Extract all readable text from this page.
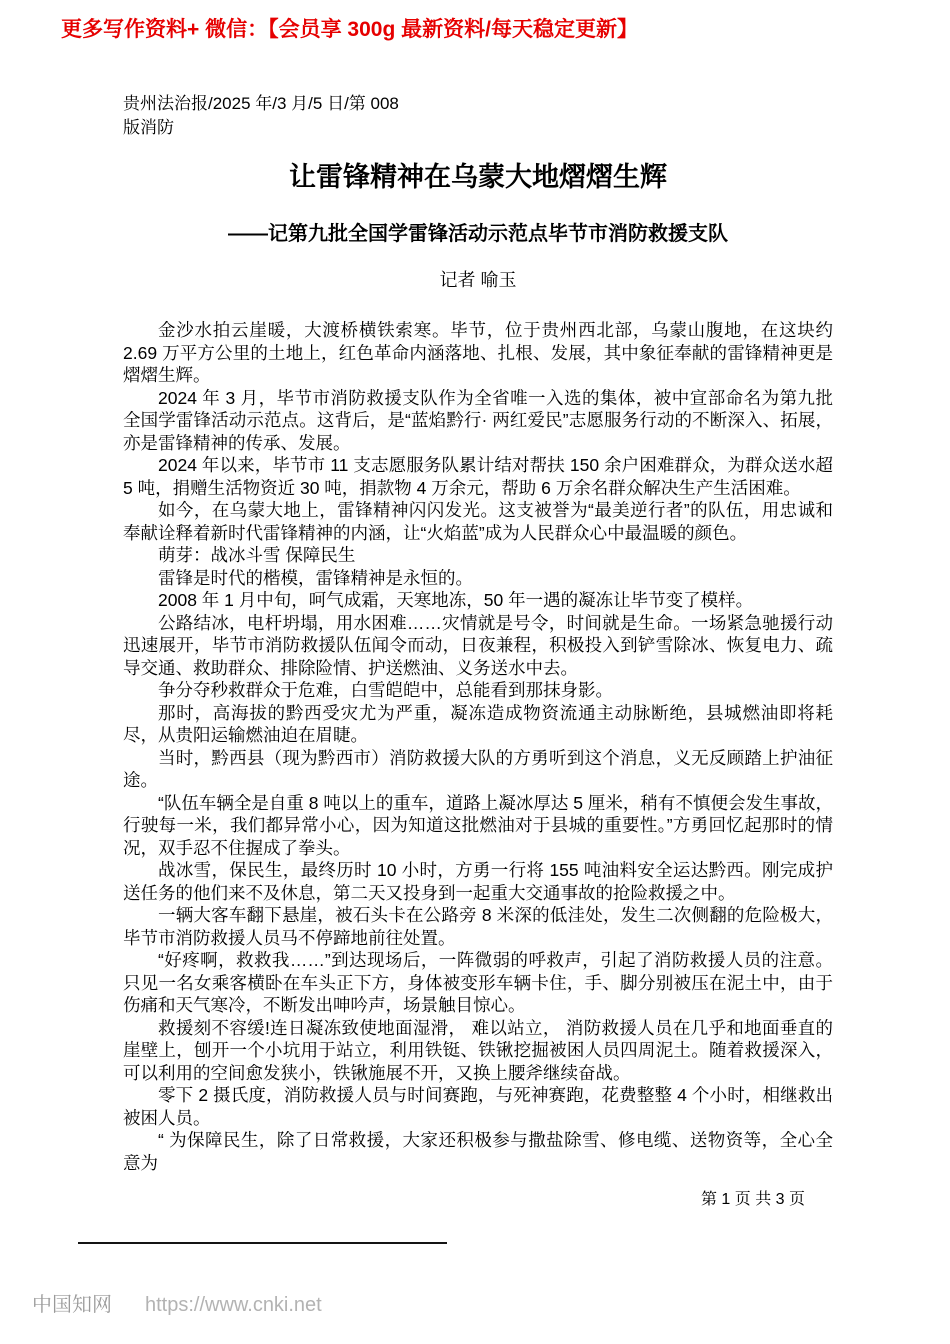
更多写作资料+ 微信：【会员享 300g 最新资料/每天稳定更新】
贵州法治报/2025 年/3 月/5 日/第 008
版消防
让雷锋精神在乌蒙大地熠熠生辉
——记第九批全国学雷锋活动示范点毕节市消防救援支队
记者 喻玉

金沙水拍云崖暖，大渡桥横铁索寒。毕节，位于贵州西北部，乌蒙山腹地，在这块约 2.69 万平方公里的土地上，红色革命内涵落地、扎根、发展，其中象征奉献的雷锋精神更是熠熠生辉。

2024 年 3 月，毕节市消防救援支队作为全省唯一入选的集体，被中宣部命名为第九批全国学雷锋活动示范点。这背后，是“蓝焰黔行· 两红爱民”志愿服务行动的不断深入、拓展，亦是雷锋精神的传承、发展。

2024 年以来，毕节市 11 支志愿服务队累计结对帮扶 150 余户困难群众，为群众送水超 5 吨，捐赠生活物资近 30 吨，捐款物 4 万余元，帮助 6 万余名群众解决生产生活困难。

如今，在乌蒙大地上，雷锋精神闪闪发光。这支被誉为“最美逆行者”的队伍，用忠诚和奉献诠释着新时代雷锋精神的内涵，让“火焰蓝”成为人民群众心中最温暖的颜色。

萌芽：战冰斗雪 保障民生

雷锋是时代的楷模，雷锋精神是永恒的。

2008 年 1 月中旬，呵气成霜，天寒地冻，50 年一遇的凝冻让毕节变了模样。

公路结冰，电杆坍塌，用水困难……灾情就是号令，时间就是生命。一场紧急驰援行动迅速展开，毕节市消防救援队伍闻令而动，日夜兼程，积极投入到铲雪除冰、恢复电力、疏导交通、救助群众、排除险情、护送燃油、义务送水中去。

争分夺秒救群众于危难，白雪皑皑中，总能看到那抹身影。

那时，高海拔的黔西受灾尤为严重，凝冻造成物资流通主动脉断绝，县城燃油即将耗尽，从贵阳运输燃油迫在眉睫。

当时，黔西县（现为黔西市）消防救援大队的方勇听到这个消息，义无反顾踏上护油征途。

“队伍车辆全是自重 8 吨以上的重车，道路上凝冰厚达 5 厘米，稍有不慎便会发生事故，行驶每一米，我们都异常小心，因为知道这批燃油对于县城的重要性。”方勇回忆起那时的情况，双手忍不住握成了拳头。

战冰雪，保民生，最终历时 10 小时，方勇一行将 155 吨油料安全运达黔西。刚完成护送任务的他们来不及休息，第二天又投身到一起重大交通事故的抢险救援之中。

一辆大客车翻下悬崖，被石头卡在公路旁 8 米深的低洼处，发生二次侧翻的危险极大，毕节市消防救援人员马不停蹄地前往处置。

“好疼啊，救救我……”到达现场后，一阵微弱的呼救声，引起了消防救援人员的注意。只见一名女乘客横卧在车头正下方，身体被变形车辆卡住，手、脚分别被压在泥土中，由于伤痛和天气寒冷，不断发出呻吟声，场景触目惊心。

救援刻不容缓!连日凝冻致使地面湿滑， 难以站立， 消防救援人员在几乎和地面垂直的崖壁上，刨开一个小坑用于站立，利用铁铤、铁锹挖掘被困人员四周泥土。随着救援深入，可以利用的空间愈发狭小，铁锹施展不开，又换上腰斧继续奋战。

零下 2 摄氏度，消防救援人员与时间赛跑，与死神赛跑，花费整整 4 个小时，相继救出被困人员。

“ 为保障民生，除了日常救援，大家还积极参与撒盐除雪、修电缆、送物资等，全心全意为

第 1 页 共 3 页
中国知网 https://www.cnki.net
